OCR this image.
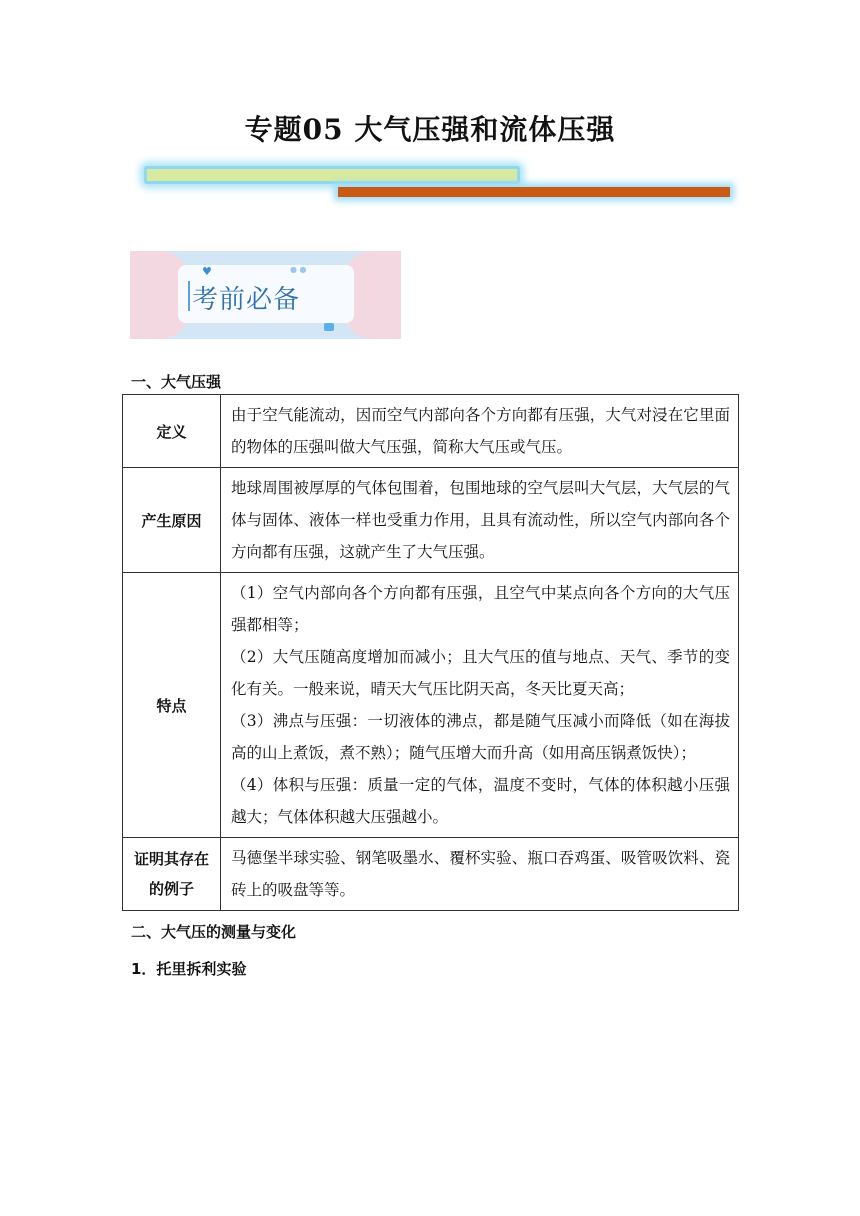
专题05 大气压强和流体压强
♥	● ●
考前必备
一、大气压强
定义	由于空气能流动，因而空气内部向各个方向都有压强，大气对浸在它里面的物体的压强叫做大气压强，简称大气压或气压。

产生原因	地球周围被厚厚的气体包围着，包围地球的空气层叫大气层，大气层的气体与固体、液体一样也受重力作用，且具有流动性，所以空气内部向各个方向都有压强，这就产生了大气压强。

特点	（1）空气内部向各个方向都有压强，且空气中某点向各个方向的大气压强都相等；
（2）大气压随高度增加而减小；且大气压的值与地点、天气、季节的变化有关。一般来说，晴天大气压比阴天高，冬天比夏天高；
（3）沸点与压强：一切液体的沸点，都是随气压减小而降低（如在海拔高的山上煮饭，煮不熟）；随气压增大而升高（如用高压锅煮饭快）；
（4）体积与压强：质量一定的气体，温度不变时，气体的体积越小压强越大；气体体积越大压强越小。

证明其存在的例子	马德堡半球实验、钢笔吸墨水、覆杯实验、瓶口吞鸡蛋、吸管吸饮料、瓷砖上的吸盘等等。
二、大气压的测量与变化
1．托里拆利实验
